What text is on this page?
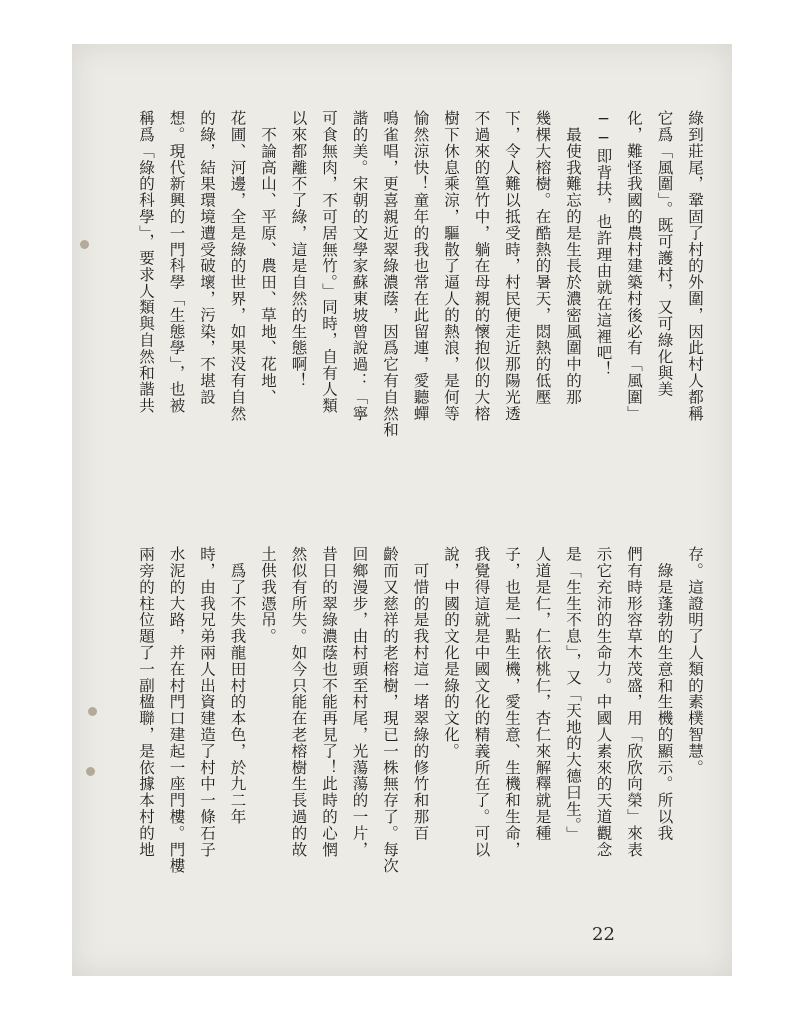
綠到莊尾，鞏固了村的外圍，因此村人都稱
它爲「風圍」。既可護村，又可綠化與美
化，難怪我國的農村建築村後必有「風圍」
──即背扶，也許理由就在這裡吧！
　最使我難忘的是生長於濃密風圍中的那
幾棵大榕樹。在酷熱的暑天，悶熱的低壓
下，令人難以抵受時，村民便走近那陽光透
不過來的篁竹中，躺在母親的懷抱似的大榕
樹下休息乘涼，驅散了逼人的熱浪，是何等
愉然涼快！童年的我也常在此留連，愛聽蟬
鳴雀唱，更喜親近翠綠濃蔭，因爲它有自然和
諧的美。宋朝的文學家蘇東坡曾說過：「寧
可食無肉，不可居無竹。」同時，自有人類
以來都離不了綠，這是自然的生態啊！
　不論高山、平原、農田、草地、花地、
花圃、河邊，全是綠的世界，如果没有自然
的綠，結果環境遭受破壞，污染，不堪設
想。現代新興的一門科學「生態學」，也被
稱爲「綠的科學」，要求人類與自然和諧共
存。這證明了人類的素樸智慧。
　綠是蓬勃的生意和生機的顯示。所以我
們有時形容草木茂盛，用「欣欣向榮」來表
示它充沛的生命力。中國人素來的天道觀念
是「生生不息」，又「天地的大德曰生。」
人道是仁，仁依桃仁，杏仁來解釋就是種
子，也是一點生機，愛生意、生機和生命，
我覺得這就是中國文化的精義所在了。可以
說，中國的文化是綠的文化。
　可惜的是我村這一堵翠綠的修竹和那百
齡而又慈祥的老榕樹，現已一株無存了。每次
回鄉漫步，由村頭至村尾，光蕩蕩的一片，
昔日的翠綠濃蔭也不能再見了！此時的心惘
然似有所失。如今只能在老榕樹生長過的故
土供我憑吊。
　爲了不失我龍田村的本色，於九二年
時，由我兄弟兩人出資建造了村中一條石子
水泥的大路，并在村門口建起一座門樓。門樓
兩旁的柱位題了一副楹聯，是依據本村的地
22
